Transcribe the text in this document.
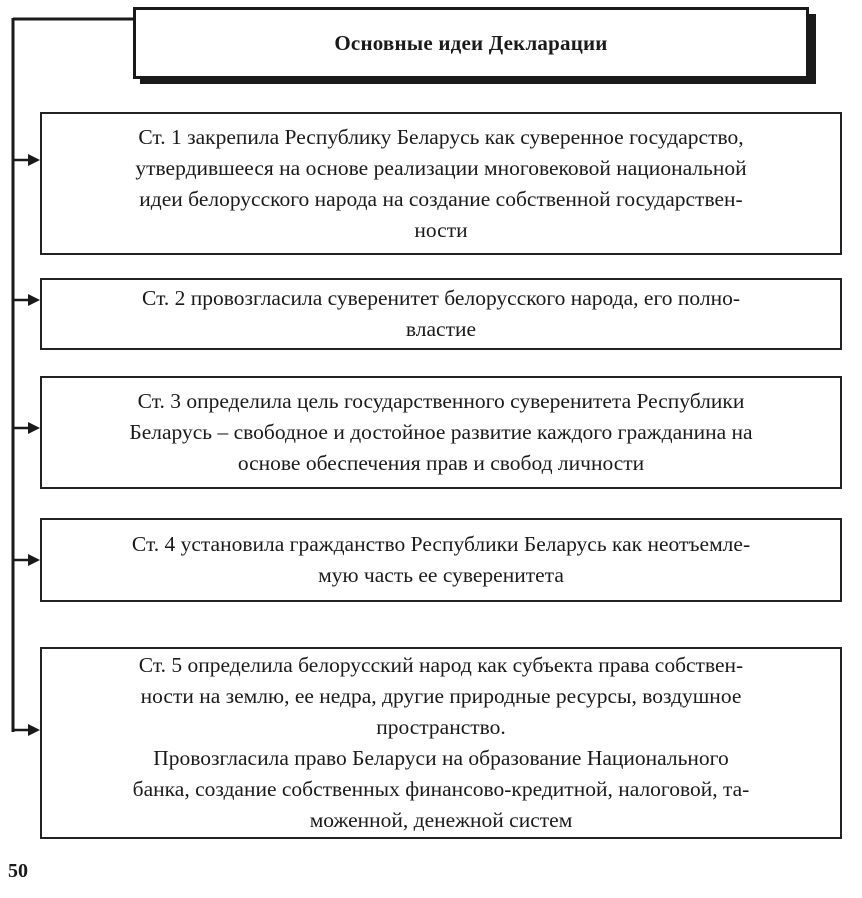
Основные идеи Декларации

Ст. 1 закрепила Республику Беларусь как суверенное государство,

утвердившееся на основе реализации многовековой национальной

идеи белорусского народа на создание собственной государствен-

ности

Ст. 2 провозгласила суверенитет белорусского народа, его полно-

властие

Ст. 3 определила цель государственного суверенитета Республики

Беларусь – свободное и достойное развитие каждого гражданина на

основе обеспечения прав и свобод личности

Ст. 4 установила гражданство Республики Беларусь как неотъемле-

мую часть ее суверенитета

Ст. 5 определила белорусский народ как субъекта права собствен-

ности на землю, ее недра, другие природные ресурсы, воздушное

пространство.

Провозгласила право Беларуси на образование Национального

банка, создание собственных финансово-кредитной, налоговой, та-

моженной, денежной систем

50
